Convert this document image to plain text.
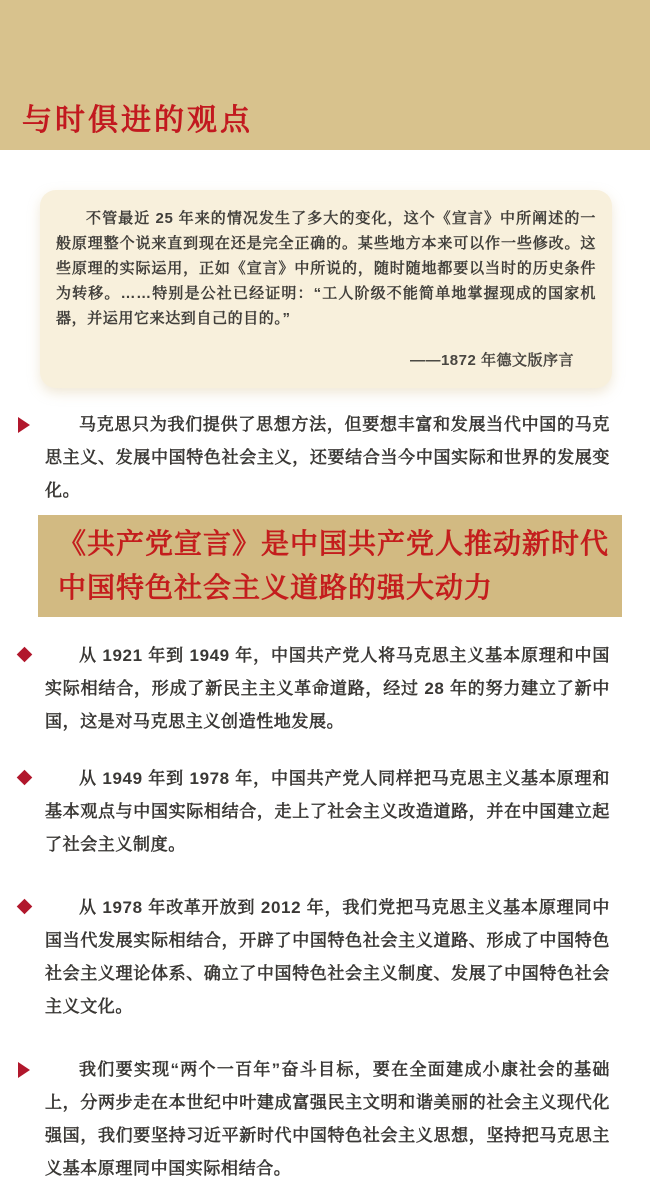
与时俱进的观点

不管最近 25 年来的情况发生了多大的变化，这个《宣言》中所阐述的一般原理整个说来直到现在还是完全正确的。某些地方本来可以作一些修改。这些原理的实际运用，正如《宣言》中所说的，随时随地都要以当时的历史条件为转移。……特别是公社已经证明：“工人阶级不能简单地掌握现成的国家机器，并运用它来达到自己的目的。”

——1872 年德文版序言

马克思只为我们提供了思想方法，但要想丰富和发展当代中国的马克思主义、发展中国特色社会主义，还要结合当今中国实际和世界的发展变化。

《共产党宣言》是中国共产党人推动新时代
中国特色社会主义道路的强大动力

从 1921 年到 1949 年，中国共产党人将马克思主义基本原理和中国实际相结合，形成了新民主主义革命道路，经过 28 年的努力建立了新中国，这是对马克思主义创造性地发展。

从 1949 年到 1978 年，中国共产党人同样把马克思主义基本原理和基本观点与中国实际相结合，走上了社会主义改造道路，并在中国建立起了社会主义制度。

从 1978 年改革开放到 2012 年，我们党把马克思主义基本原理同中国当代发展实际相结合，开辟了中国特色社会主义道路、形成了中国特色社会主义理论体系、确立了中国特色社会主义制度、发展了中国特色社会主义文化。

我们要实现“两个一百年”奋斗目标，要在全面建成小康社会的基础上，分两步走在本世纪中叶建成富强民主文明和谐美丽的社会主义现代化强国，我们要坚持习近平新时代中国特色社会主义思想，坚持把马克思主义基本原理同中国实际相结合。
